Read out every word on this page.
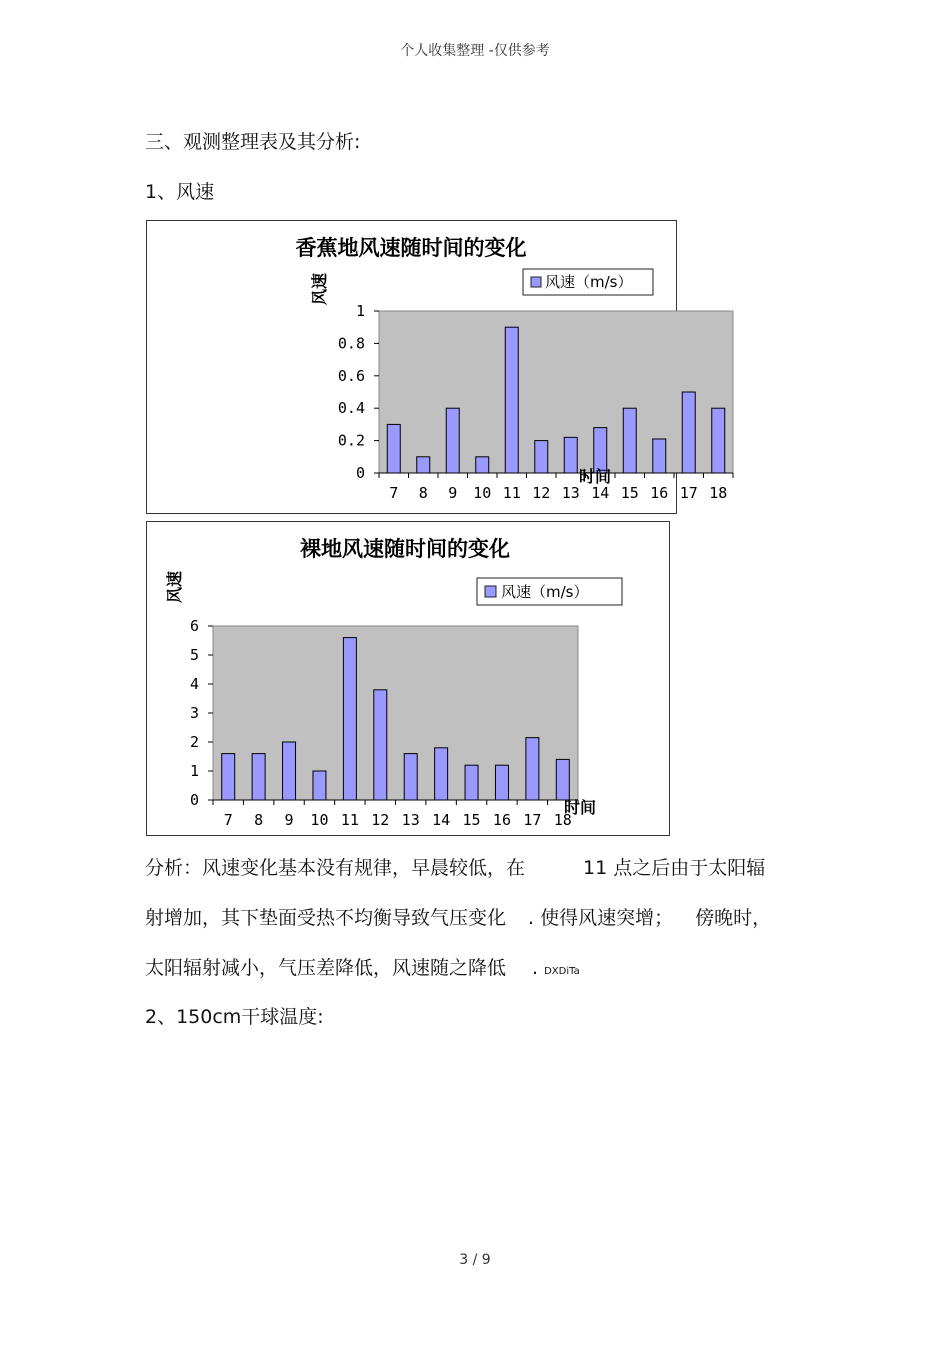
个人收集整理 -仅供参考
三、观测整理表及其分析:
1、风速
香蕉地风速随时间的变化
0
0.2
0.4
0.6
0.8
1
7 8 9 10 11 12 13 14 15 16 17 18
风速
时间
风速（m/s）
裸地风速随时间的变化
0
1
2
3
4
5
6
7 8 9 10 11 12 13 14 15 16 17 18
风速
时间
风速（m/s）
分析：风速变化基本没有规律，早晨较低，在	11 点之后由于太阳辐
射增加，其下垫面受热不均衡导致气压变化 . 使得风速突增； 傍晚时，
太阳辐射减小，气压差降低，风速随之降低 . DXDiTa
2、150cm干球温度:
3 / 9
